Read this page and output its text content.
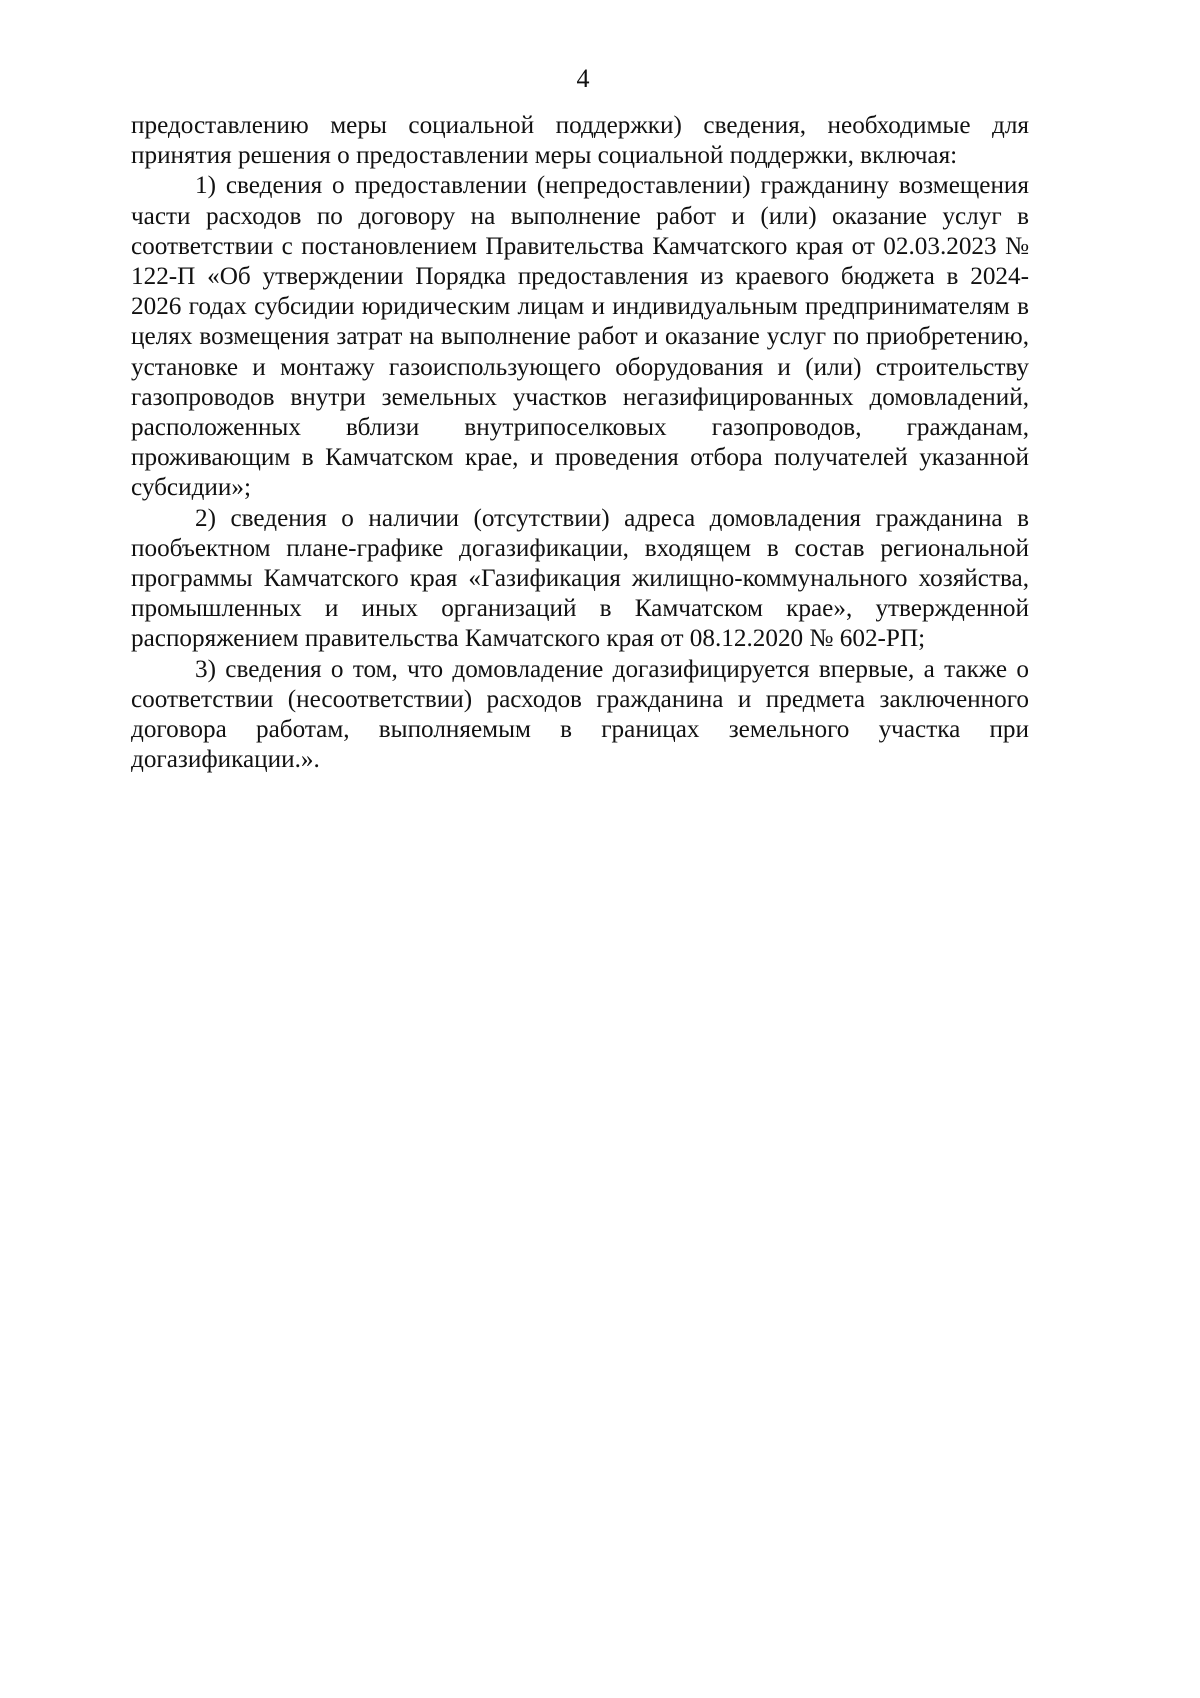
4

предоставлению меры социальной поддержки) сведения, необходимые для принятия решения о предоставлении меры социальной поддержки, включая:

1) сведения о предоставлении (непредоставлении) гражданину возмещения части расходов по договору на выполнение работ и (или) оказание услуг в соответствии с постановлением Правительства Камчатского края от 02.03.2023 № 122-П «Об утверждении Порядка предоставления из краевого бюджета в 2024-2026 годах субсидии юридическим лицам и индивидуальным предпринимателям в целях возмещения затрат на выполнение работ и оказание услуг по приобретению, установке и монтажу газоиспользующего оборудования и (или) строительству газопроводов внутри земельных участков негазифицированных домовладений, расположенных вблизи внутрипоселковых газопроводов, гражданам, проживающим в Камчатском крае, и проведения отбора получателей указанной субсидии»;

2) сведения о наличии (отсутствии) адреса домовладения гражданина в пообъектном плане-графике догазификации, входящем в состав региональной программы Камчатского края «Газификация жилищно-коммунального хозяйства, промышленных и иных организаций в Камчатском крае», утвержденной распоряжением правительства Камчатского края от 08.12.2020 № 602-РП;

3) сведения о том, что домовладение догазифицируется впервые, а также о соответствии (несоответствии) расходов гражданина и предмета заключенного договора работам, выполняемым в границах земельного участка при догазификации.».
